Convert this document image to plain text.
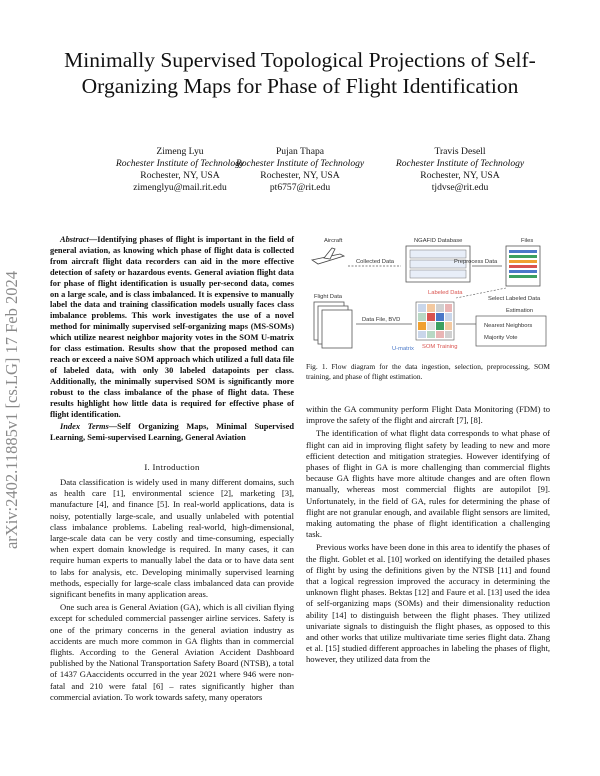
Minimally Supervised Topological Projections of Self-Organizing Maps for Phase of Flight Identification
Zimeng Lyu
Rochester Institute of Technology
Rochester, NY, USA
zimenglyu@mail.rit.edu
Pujan Thapa
Rochester Institute of Technology
Rochester, NY, USA
pt6757@rit.edu
Travis Desell
Rochester Institute of Technology
Rochester, NY, USA
tjdvse@rit.edu
arXiv:2402.11885v1 [cs.LG] 17 Feb 2024
Abstract—Identifying phases of flight is important in the field of general aviation, as knowing which phase of flight data is collected from aircraft flight data recorders can aid in the more effective detection of safety or hazardous events. General aviation flight data for phase of flight identification is usually per-second data, comes on a large scale, and is class imbalanced. It is expensive to manually label the data and training classification models usually faces class imbalance problems. This work investigates the use of a novel method for minimally supervised self-organizing maps (MS-SOMs) which utilize nearest neighbor majority votes in the SOM U-matrix for class estimation. Results show that the proposed method can reach or exceed a naive SOM approach which utilized a full data file of labeled data, with only 30 labeled datapoints per class. Additionally, the minimally supervised SOM is significantly more robust to the class imbalance of the phase of flight data. These results highlight how little data is required for effective phase of flight identification.
Index Terms—Self Organizing Maps, Minimal Supervised Learning, Semi-supervised Learning, General Aviation
I. Introduction

Data classification is widely used in many different domains, such as health care [1], environmental science [2], marketing [3], manufacture [4], and finance [5]. In real-world applications, data is noisy, potentially large-scale, and usually unlabeled with potential class imbalance problems. Labeling real-world, high-dimensional, large-scale data can be very costly and time-consuming, especially when expert domain knowledge is required. In many cases, it can require human experts to manually label the data or to have data sent to labs for analysis, etc. Developing minimally supervised learning methods, especially for large-scale class imbalanced data can provide significant benefits in many application areas.

One such area is General Aviation (GA), which is all civilian flying except for scheduled commercial passenger airline services. Safety is one of the primary concerns in the general aviation industry as accidents are much more common in GA flights than in commercial flights. According to the General Aviation Accident Dashboard published by the National Transportation Safety Board (NTSB), a total of 1437 GAaccidents occurred in the year 2021 where 946 were non-fatal and 210 were fatal [6] – rates significantly higher than commercial aviation. To work towards safety, many operators

Aircraft
Collected Data
NGAFID Database
Preprocess Data
Files
Flight Data
Data File, BVD
Labeled Data
Select Labeled Data
SOM Training
Estimation
Nearest Neighbors
Majority Vote
U-matrix
Fig. 1. Flow diagram for the data ingestion, selection, preprocessing, SOM training, and phase of flight estimation.

within the GA community perform Flight Data Monitoring (FDM) to improve the safety of the flight and aircraft [7], [8].

The identification of what flight data corresponds to what phase of flight can aid in improving flight safety by leading to new and more efficient detection and mitigation strategies. However identifying of phases of flight in GA is more challenging than commercial flights because GA flights have more altitude changes and are often flown manually, whereas most commercial flights are autopilot [9]. Unfortunately, in the field of GA, rules for determining the phase of flight are not granular enough, and available flight sensors are limited, making automating the phase of flight identification a challenging task.

Previous works have been done in this area to identify the phases of the flight. Goblet et al. [10] worked on identifying the detailed phases of flight by using the definitions given by the NTSB [11] and found that a logical regression improved the accuracy in determining the unknown flight phases. Bektas [12] and Faure et al. [13] used the idea of self-organizing maps (SOMs) and their dimensionality reduction ability [14] to distinguish between the flight phases. They utilized univariate signals to distinguish the flight phases, as opposed to this and other works that utilize multivariate time series flight data. Zhang et al. [15] studied different approaches in labeling the phases of flight, however, they utilized data from the
